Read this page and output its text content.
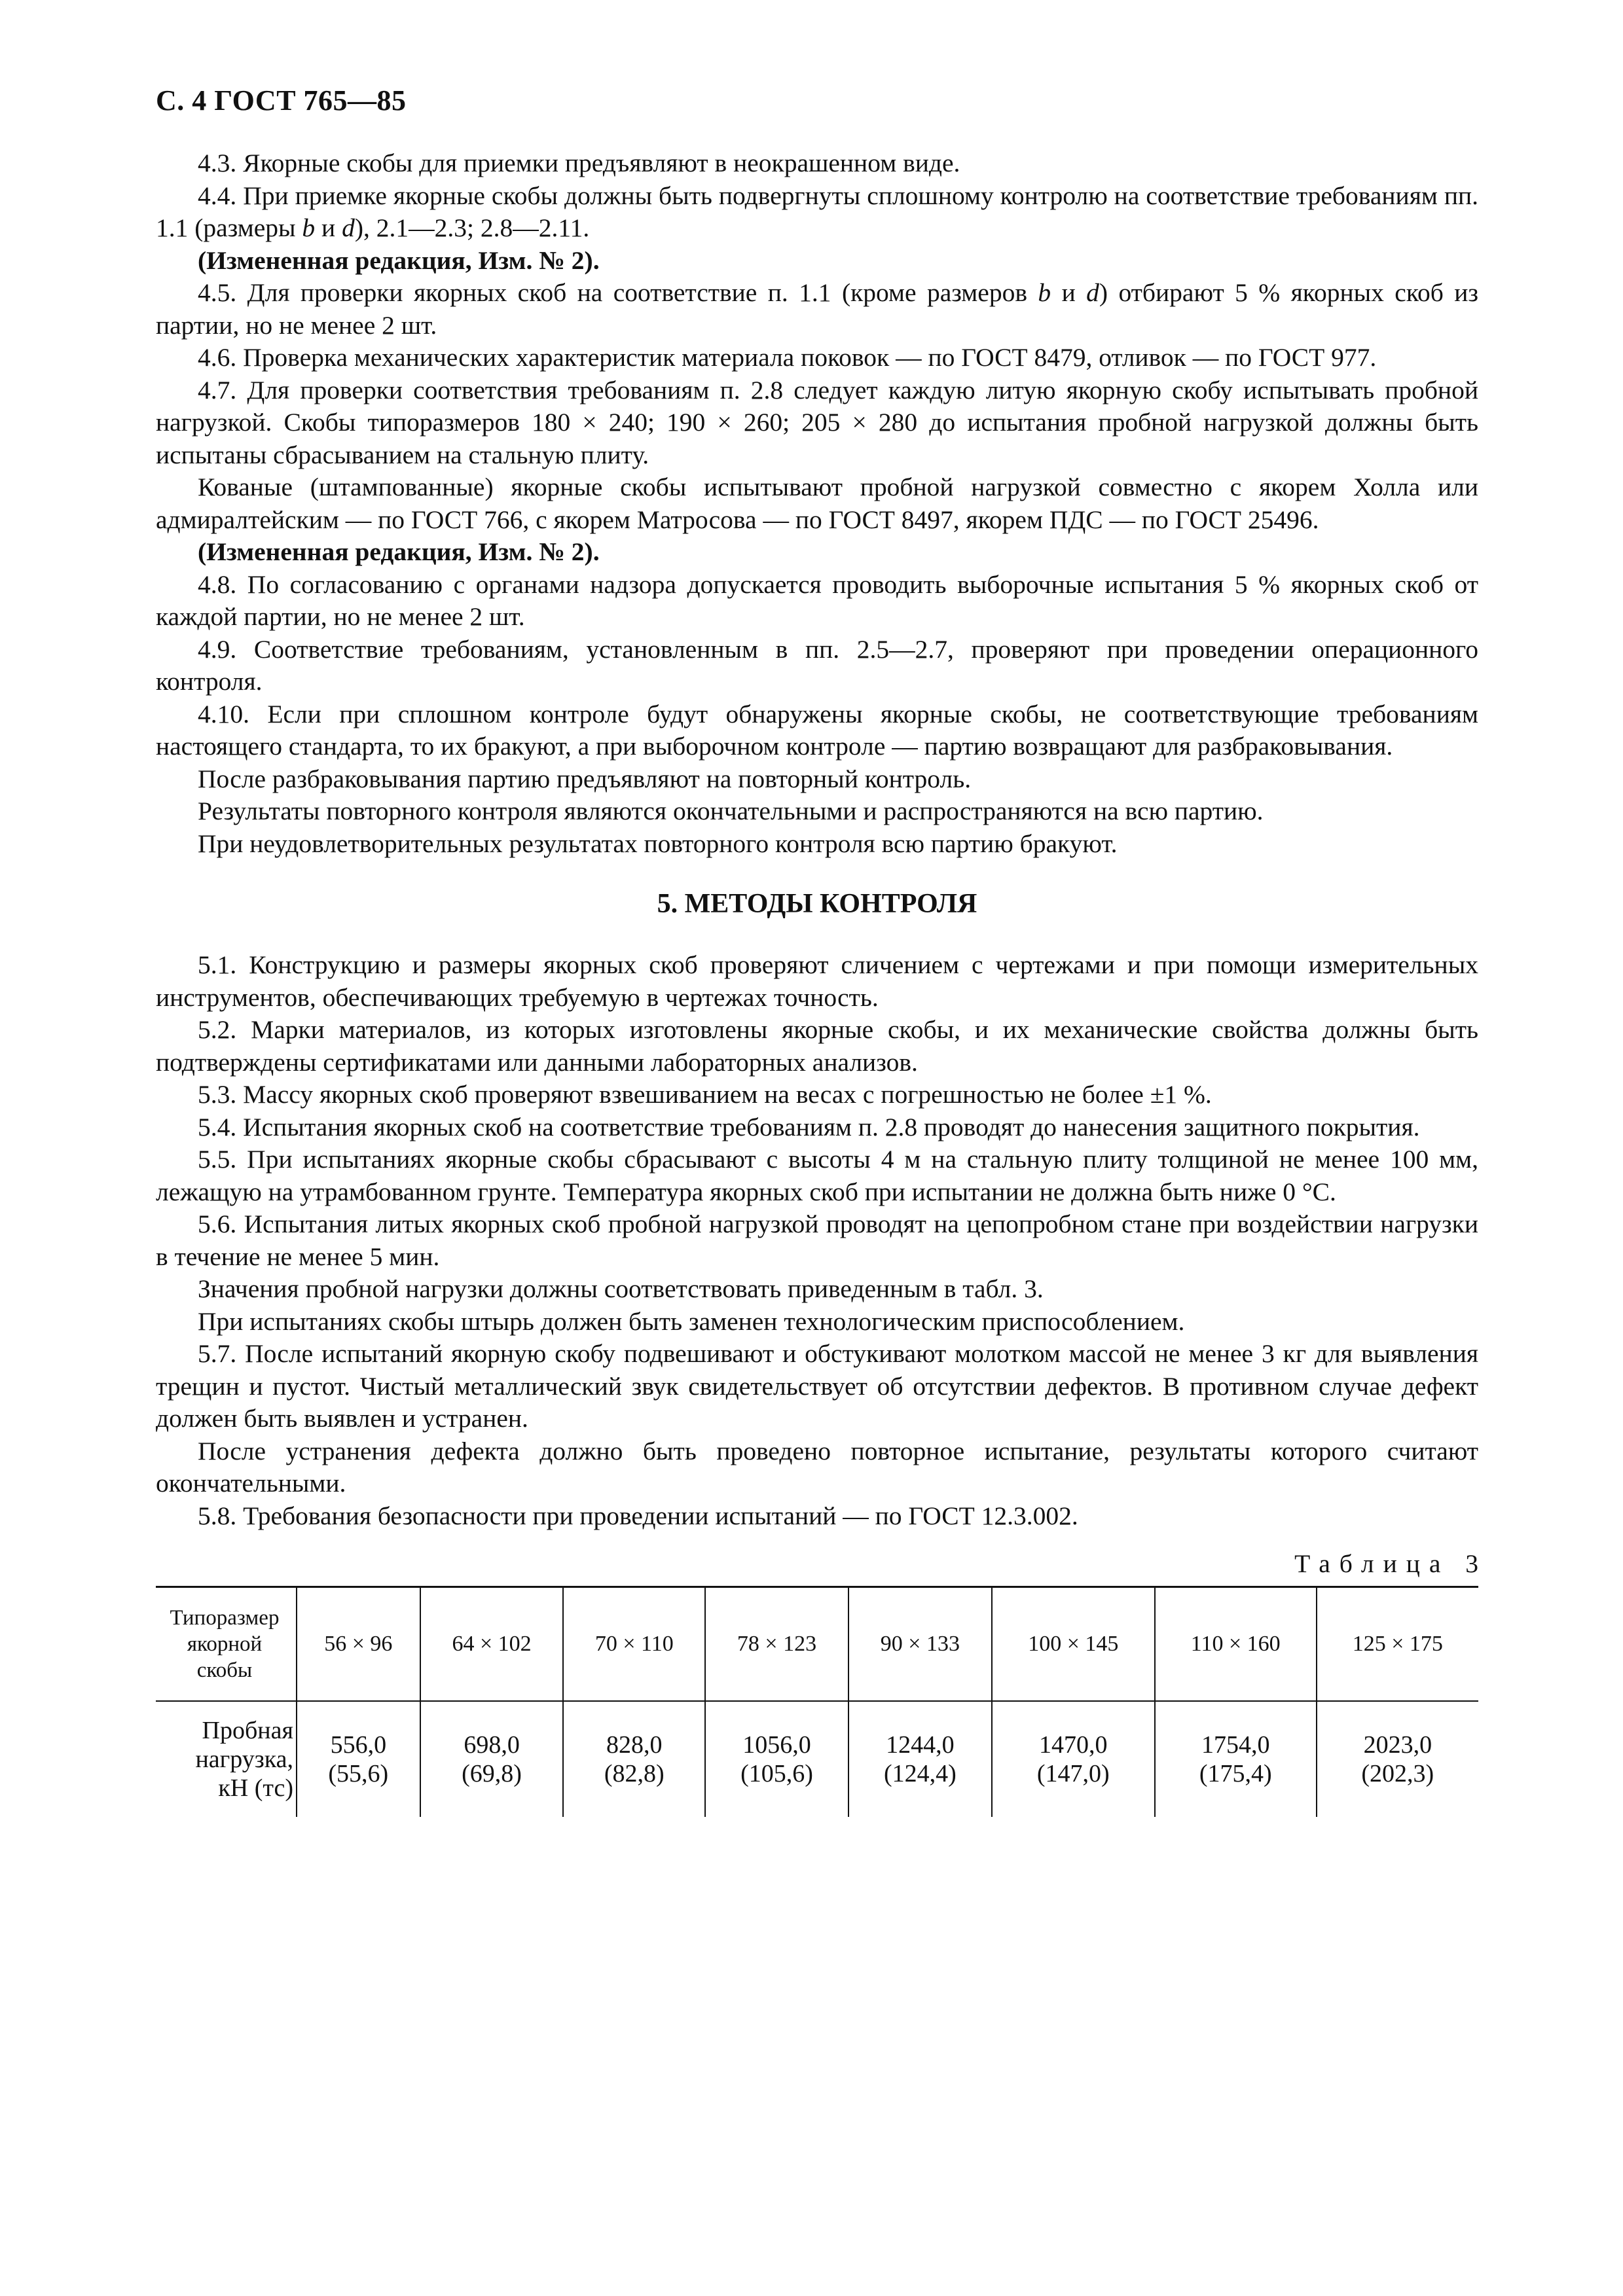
С. 4 ГОСТ 765—85

4.3. Якорные скобы для приемки предъявляют в неокрашенном виде.

4.4. При приемке якорные скобы должны быть подвергнуты сплошному контролю на соответствие требованиям пп. 1.1 (размеры b и d), 2.1—2.3; 2.8—2.11.

(Измененная редакция, Изм. № 2).

4.5. Для проверки якорных скоб на соответствие п. 1.1 (кроме размеров b и d) отбирают 5 % якорных скоб из партии, но не менее 2 шт.

4.6. Проверка механических характеристик материала поковок — по ГОСТ 8479, отливок — по ГОСТ 977.

4.7. Для проверки соответствия требованиям п. 2.8 следует каждую литую якорную скобу испытывать пробной нагрузкой. Скобы типоразмеров 180 × 240; 190 × 260; 205 × 280 до испытания пробной нагрузкой должны быть испытаны сбрасыванием на стальную плиту.

Кованые (штампованные) якорные скобы испытывают пробной нагрузкой совместно с якорем Холла или адмиралтейским — по ГОСТ 766, с якорем Матросова — по ГОСТ 8497, якорем ПДС — по ГОСТ 25496.

(Измененная редакция, Изм. № 2).

4.8. По согласованию с органами надзора допускается проводить выборочные испытания 5 % якорных скоб от каждой партии, но не менее 2 шт.

4.9. Соответствие требованиям, установленным в пп. 2.5—2.7, проверяют при проведении операционного контроля.

4.10. Если при сплошном контроле будут обнаружены якорные скобы, не соответствующие требованиям настоящего стандарта, то их бракуют, а при выборочном контроле — партию возвращают для разбраковывания.

После разбраковывания партию предъявляют на повторный контроль.

Результаты повторного контроля являются окончательными и распространяются на всю партию.

При неудовлетворительных результатах повторного контроля всю партию бракуют.

5. МЕТОДЫ КОНТРОЛЯ

5.1. Конструкцию и размеры якорных скоб проверяют сличением с чертежами и при помощи измерительных инструментов, обеспечивающих требуемую в чертежах точность.

5.2. Марки материалов, из которых изготовлены якорные скобы, и их механические свойства должны быть подтверждены сертификатами или данными лабораторных анализов.

5.3. Массу якорных скоб проверяют взвешиванием на весах с погрешностью не более ±1 %.

5.4. Испытания якорных скоб на соответствие требованиям п. 2.8 проводят до нанесения защитного покрытия.

5.5. При испытаниях якорные скобы сбрасывают с высоты 4 м на стальную плиту толщиной не менее 100 мм, лежащую на утрамбованном грунте. Температура якорных скоб при испытании не должна быть ниже 0 °С.

5.6. Испытания литых якорных скоб пробной нагрузкой проводят на цепопробном стане при воздействии нагрузки в течение не менее 5 мин.

Значения пробной нагрузки должны соответствовать приведенным в табл. 3.

При испытаниях скобы штырь должен быть заменен технологическим приспособлением.

5.7. После испытаний якорную скобу подвешивают и обстукивают молотком массой не менее 3 кг для выявления трещин и пустот. Чистый металлический звук свидетельствует об отсутствии дефектов. В противном случае дефект должен быть выявлен и устранен.

После устранения дефекта должно быть проведено повторное испытание, результаты которого считают окончательными.

5.8. Требования безопасности при проведении испытаний — по ГОСТ 12.3.002.

Таблица 3
Типоразмер
якорной
скобы	56 × 96	64 × 102	70 × 110	78 × 123	90 × 133	100 × 145	110 × 160	125 × 175
Пробная
нагрузка,
кН (тс)	556,0
(55,6)	698,0
(69,8)	828,0
(82,8)	1056,0
(105,6)	1244,0
(124,4)	1470,0
(147,0)	1754,0
(175,4)	2023,0
(202,3)
